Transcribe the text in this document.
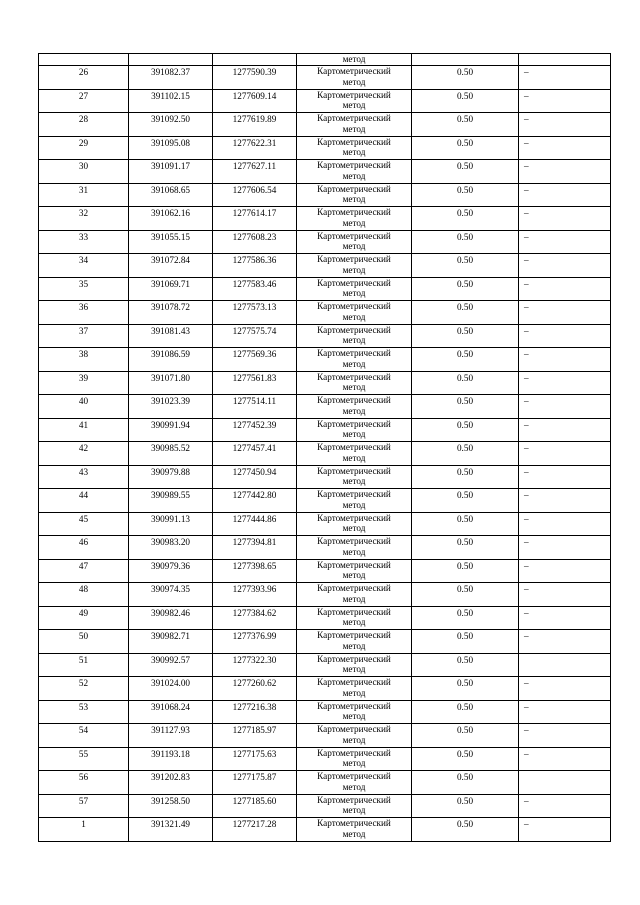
			метод		
26	391082.37	1277590.39	Картометрический
метод	0.50	–
27	391102.15	1277609.14	Картометрический
метод	0.50	–
28	391092.50	1277619.89	Картометрический
метод	0.50	–
29	391095.08	1277622.31	Картометрический
метод	0.50	–
30	391091.17	1277627.11	Картометрический
метод	0.50	–
31	391068.65	1277606.54	Картометрический
метод	0.50	–
32	391062.16	1277614.17	Картометрический
метод	0.50	–
33	391055.15	1277608.23	Картометрический
метод	0.50	–
34	391072.84	1277586.36	Картометрический
метод	0.50	–
35	391069.71	1277583.46	Картометрический
метод	0.50	–
36	391078.72	1277573.13	Картометрический
метод	0.50	–
37	391081.43	1277575.74	Картометрический
метод	0.50	–
38	391086.59	1277569.36	Картометрический
метод	0.50	–
39	391071.80	1277561.83	Картометрический
метод	0.50	–
40	391023.39	1277514.11	Картометрический
метод	0.50	–
41	390991.94	1277452.39	Картометрический
метод	0.50	–
42	390985.52	1277457.41	Картометрический
метод	0.50	–
43	390979.88	1277450.94	Картометрический
метод	0.50	–
44	390989.55	1277442.80	Картометрический
метод	0.50	–
45	390991.13	1277444.86	Картометрический
метод	0.50	–
46	390983.20	1277394.81	Картометрический
метод	0.50	–
47	390979.36	1277398.65	Картометрический
метод	0.50	–
48	390974.35	1277393.96	Картометрический
метод	0.50	–
49	390982.46	1277384.62	Картометрический
метод	0.50	–
50	390982.71	1277376.99	Картометрический
метод	0.50	–
51	390992.57	1277322.30	Картометрический
метод	0.50	
52	391024.00	1277260.62	Картометрический
метод	0.50	–
53	391068.24	1277216.38	Картометрический
метод	0.50	–
54	391127.93	1277185.97	Картометрический
метод	0.50	–
55	391193.18	1277175.63	Картометрический
метод	0.50	–
56	391202.83	1277175.87	Картометрический
метод	0.50	
57	391258.50	1277185.60	Картометрический
метод	0.50	–
1	391321.49	1277217.28	Картометрический
метод	0.50	–
